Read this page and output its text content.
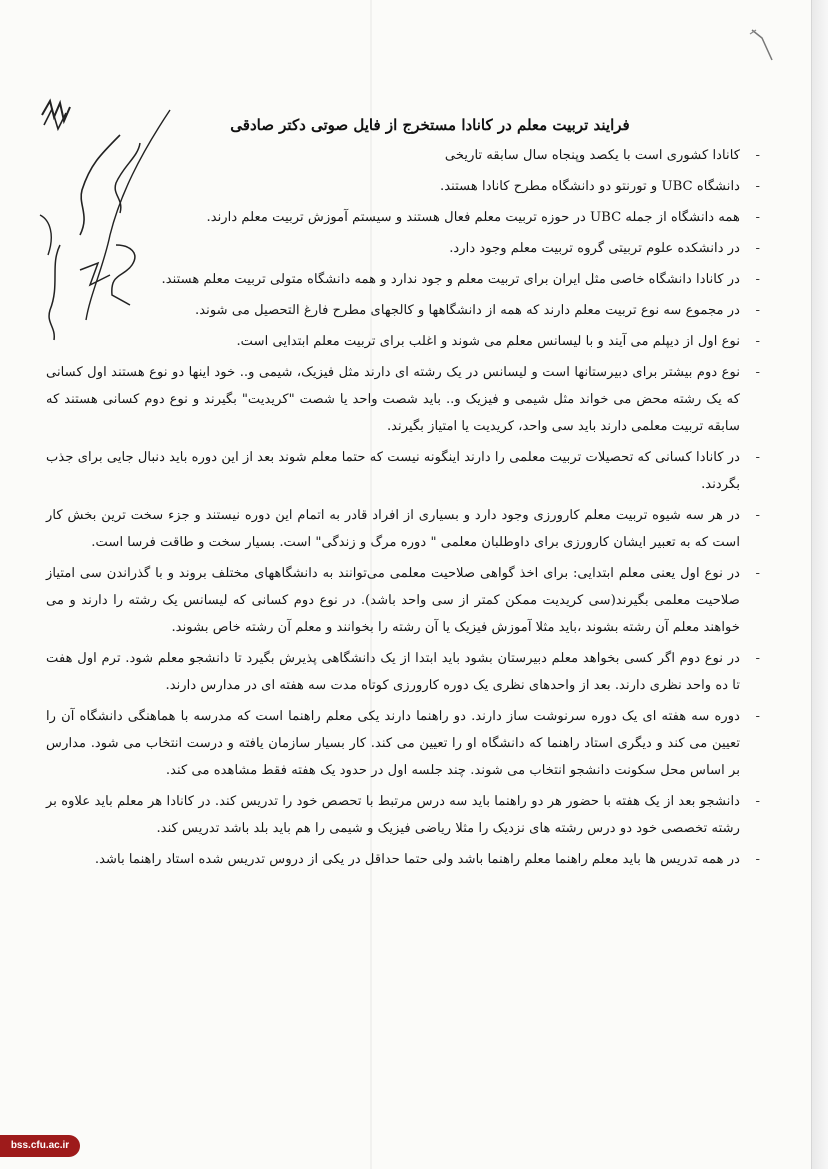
فرایند تربیت معلم در کانادا مستخرج از فایل صوتی دکتر صادقی
-
کانادا کشوری است با یکصد وپنجاه سال سابقه تاریخی
-
دانشگاه UBC و تورنتو دو دانشگاه مطرح کانادا هستند.
-
همه دانشگاه از جمله UBC در حوزه تربیت معلم فعال هستند و سیستم آموزش تربیت معلم دارند.
-
در دانشکده علوم تربیتی گروه تربیت معلم وجود دارد.
-
در کانادا دانشگاه خاصی مثل ایران برای تربیت معلم و جود ندارد و همه دانشگاه متولی تربیت معلم هستند.
-
در مجموع سه نوع تربیت معلم دارند که همه از دانشگاهها و کالجهای مطرح فارغ التحصیل می شوند.
-
نوع اول از دیپلم می آیند و با لیسانس معلم می شوند و اغلب برای تربیت معلم ابتدایی است.
-
نوع دوم بیشتر برای دبیرستانها است و لیسانس در یک رشته ای دارند مثل فیزیک، شیمی و.. خود اینها دو نوع هستند اول کسانی که یک رشته محض می خواند مثل شیمی و فیزیک و.. باید شصت واحد یا شصت "کریدیت" بگیرند و نوع دوم کسانی هستند که سابقه تربیت معلمی دارند باید سی واحد، کریدیت یا امتیاز بگیرند.
-
در کانادا کسانی که تحصیلات تربیت معلمی را دارند اینگونه نیست که حتما معلم شوند بعد از این دوره باید دنبال جایی برای جذب بگردند.
-
در هر سه شیوه تربیت معلم کارورزی وجود دارد و بسیاری از افراد قادر به اتمام این دوره نیستند و جزء سخت ترین بخش کار است که به تعبیر ایشان کارورزی برای داوطلبان معلمی " دوره مرگ و زندگی" است. بسیار سخت و طاقت فرسا است.
-
در نوع اول یعنی معلم ابتدایی: برای اخذ گواهی صلاحیت معلمی می‌توانند به دانشگاههای مختلف بروند و با گذراندن سی امتیاز صلاحیت معلمی بگیرند(سی کریدیت ممکن کمتر از سی واحد باشد). در نوع دوم کسانی که لیسانس یک رشته را دارند و می خواهند معلم آن رشته بشوند ،باید مثلا آموزش فیزیک یا آن رشته را بخوانند و معلم آن رشته خاص بشوند.
-
در نوع دوم اگر کسی بخواهد معلم دبیرستان بشود باید ابتدا از یک دانشگاهی پذیرش بگیرد تا دانشجو معلم شود. ترم اول هفت تا ده واحد نظری دارند. بعد از واحدهای نظری یک دوره کارورزی کوتاه مدت سه هفته ای در مدارس دارند.
-
دوره سه هفته ای یک دوره سرنوشت ساز دارند. دو راهنما دارند یکی معلم راهنما است که مدرسه با هماهنگی دانشگاه آن را تعیین می کند و دیگری استاد راهنما که دانشگاه او را تعیین می کند. کار بسیار سازمان یافته و درست انتخاب می شود. مدارس بر اساس محل سکونت دانشجو انتخاب می شوند. چند جلسه اول در حدود یک هفته فقط مشاهده می کند.
-
دانشجو بعد از یک هفته با حضور هر دو راهنما باید سه درس مرتبط با تحصص خود را تدریس کند. در کانادا هر معلم باید علاوه بر رشته تخصصی خود دو درس رشته های نزدیک را مثلا ریاضی فیزیک و شیمی را هم باید بلد باشد تدریس کند.
-
در همه تدریس ها باید معلم راهنما معلم راهنما باشد ولی حتما حداقل در یکی از دروس تدریس شده استاد راهنما باشد.
bss.cfu.ac.ir
